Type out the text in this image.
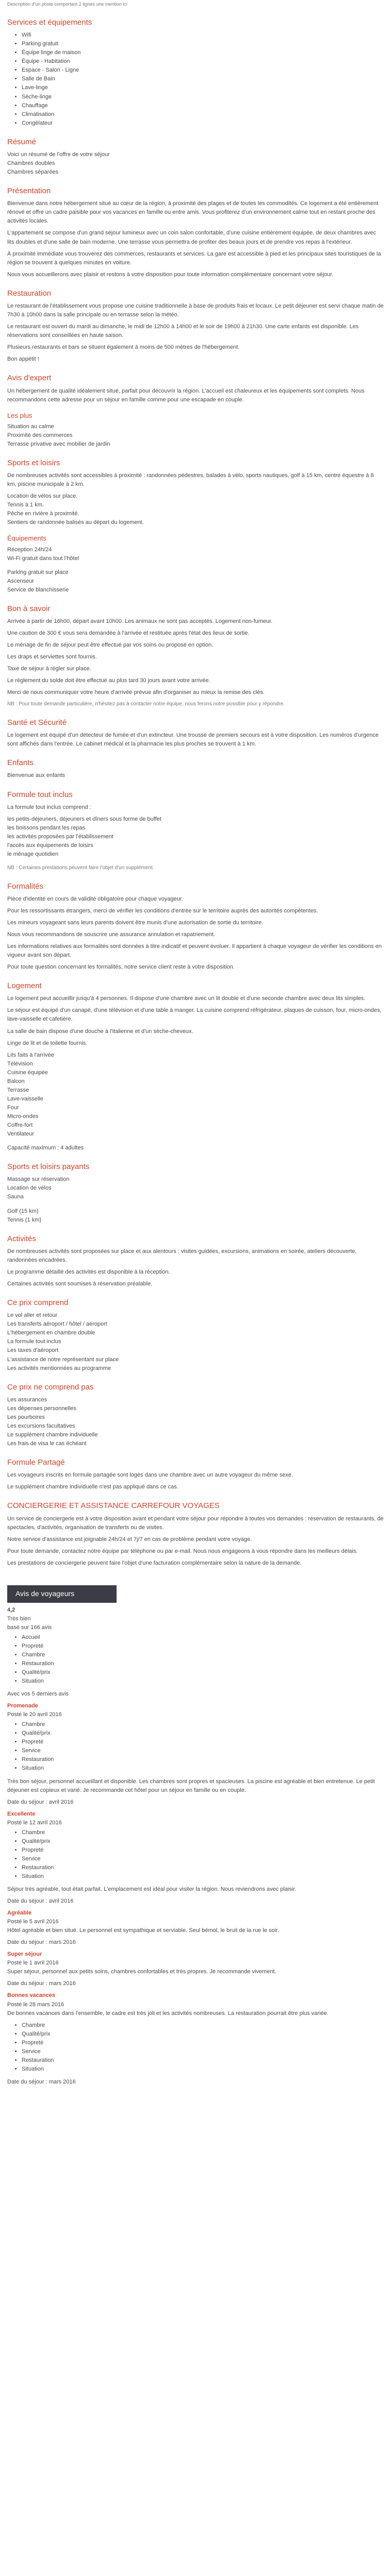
Description d'un poste comportant 2 lignes une mention ici

Services et équipements
• Wifi
• Parking gratuit
• Équipe linge de maison
• Équipe - Habitation
• Espace - Salon - Ligne
• Salle de Bain
• Lave-linge
• Sèche-linge
• Chauffage
• Climatisation
• Congélateur
Résumé

Voici un résumé de l'offre de votre séjour

Chambres doubles

Chambres séparées

Présentation

Bienvenue dans notre hébergement situé au cœur de la région, à proximité des plages et de toutes les commodités. Ce logement a été entièrement rénové et offre un cadre paisible pour vos vacances en famille ou entre amis. Vous profiterez d'un environnement calme tout en restant proche des activités locales.

L'appartement se compose d'un grand séjour lumineux avec un coin salon confortable, d'une cuisine entièrement équipée, de deux chambres avec lits doubles et d'une salle de bain moderne. Une terrasse vous permettra de profiter des beaux jours et de prendre vos repas à l'extérieur.

À proximité immédiate vous trouverez des commerces, restaurants et services. La gare est accessible à pied et les principaux sites touristiques de la région se trouvent à quelques minutes en voiture.

Nous vous accueillerons avec plaisir et restons à votre disposition pour toute information complémentaire concernant votre séjour.

Restauration

Le restaurant de l'établissement vous propose une cuisine traditionnelle à base de produits frais et locaux. Le petit déjeuner est servi chaque matin de 7h30 à 10h00 dans la salle principale ou en terrasse selon la météo.

Le restaurant est ouvert du mardi au dimanche, le midi de 12h00 à 14h00 et le soir de 19h00 à 21h30. Une carte enfants est disponible. Les réservations sont conseillées en haute saison.

Plusieurs restaurants et bars se situent également à moins de 500 mètres de l'hébergement.

Bon appétit !

Avis d'expert

Un hébergement de qualité idéalement situé, parfait pour découvrir la région. L'accueil est chaleureux et les équipements sont complets. Nous recommandons cette adresse pour un séjour en famille comme pour une escapade en couple.

Les plus

Situation au calme

Proximité des commerces

Terrasse privative avec mobilier de jardin

Sports et loisirs

De nombreuses activités sont accessibles à proximité : randonnées pédestres, balades à vélo, sports nautiques, golf à 15 km, centre équestre à 8 km, piscine municipale à 2 km.

Location de vélos sur place.

Tennis à 1 km.

Pêche en rivière à proximité.

Sentiers de randonnée balisés au départ du logement.

Équipements

Réception 24h/24

Wi-Fi gratuit dans tout l'hôtel

Parking gratuit sur place

Ascenseur

Service de blanchisserie

Bon à savoir

Arrivée à partir de 16h00, départ avant 10h00. Les animaux ne sont pas acceptés. Logement non-fumeur.

Une caution de 300 € vous sera demandée à l'arrivée et restituée après l'état des lieux de sortie.

Le ménage de fin de séjour peut être effectué par vos soins ou proposé en option.

Les draps et serviettes sont fournis.

Taxe de séjour à régler sur place.

Le règlement du solde doit être effectué au plus tard 30 jours avant votre arrivée.

Merci de nous communiquer votre heure d'arrivée prévue afin d'organiser au mieux la remise des clés.

NB : Pour toute demande particulière, n'hésitez pas à contacter notre équipe, nous ferons notre possible pour y répondre.

Santé et Sécurité

Le logement est équipé d'un détecteur de fumée et d'un extincteur. Une trousse de premiers secours est à votre disposition. Les numéros d'urgence sont affichés dans l'entrée. Le cabinet médical et la pharmacie les plus proches se trouvent à 1 km.

Enfants

Bienvenue aux enfants

Formule tout inclus

La formule tout inclus comprend :

les petits-déjeuners, déjeuners et dîners sous forme de buffet

les boissons pendant les repas

les activités proposées par l'établissement

l'accès aux équipements de loisirs

le ménage quotidien

NB : Certaines prestations peuvent faire l'objet d'un supplément.

Formalités

Pièce d'identité en cours de validité obligatoire pour chaque voyageur.

Pour les ressortissants étrangers, merci de vérifier les conditions d'entrée sur le territoire auprès des autorités compétentes.

Les mineurs voyageant sans leurs parents doivent être munis d'une autorisation de sortie du territoire.

Nous vous recommandons de souscrire une assurance annulation et rapatriement.

Les informations relatives aux formalités sont données à titre indicatif et peuvent évoluer. Il appartient à chaque voyageur de vérifier les conditions en vigueur avant son départ.

Pour toute question concernant les formalités, notre service client reste à votre disposition.

Logement

Le logement peut accueillir jusqu'à 4 personnes. Il dispose d'une chambre avec un lit double et d'une seconde chambre avec deux lits simples.

Le séjour est équipé d'un canapé, d'une télévision et d'une table à manger. La cuisine comprend réfrigérateur, plaques de cuisson, four, micro-ondes, lave-vaisselle et cafetière.

La salle de bain dispose d'une douche à l'italienne et d'un sèche-cheveux.

Linge de lit et de toilette fournis.

Lits faits à l'arrivée

Télévision

Cuisine équipée

Balcon

Terrasse

Lave-vaisselle

Four

Micro-ondes

Coffre-fort

Ventilateur

Capacité maximum : 4 adultes

Sports et loisirs payants

Massage sur réservation

Location de vélos

Sauna

Golf (15 km)

Tennis (1 km)

Activités

De nombreuses activités sont proposées sur place et aux alentours : visites guidées, excursions, animations en soirée, ateliers découverte, randonnées encadrées.

Le programme détaillé des activités est disponible à la réception.

Certaines activités sont soumises à réservation préalable.

Ce prix comprend

Le vol aller et retour

Les transferts aéroport / hôtel / aéroport

L'hébergement en chambre double

La formule tout inclus

Les taxes d'aéroport

L'assistance de notre représentant sur place

Les activités mentionnées au programme

Ce prix ne comprend pas

Les assurances

Les dépenses personnelles

Les pourboires

Les excursions facultatives

Le supplément chambre individuelle

Les frais de visa le cas échéant

Formule Partagé

Les voyageurs inscrits en formule partagée sont logés dans une chambre avec un autre voyageur du même sexe.

Le supplément chambre individuelle n'est pas appliqué dans ce cas.

CONCIERGERIE ET ASSISTANCE CARREFOUR VOYAGES

Un service de conciergerie est à votre disposition avant et pendant votre séjour pour répondre à toutes vos demandes : réservation de restaurants, de spectacles, d'activités, organisation de transferts ou de visites.

Notre service d'assistance est joignable 24h/24 et 7j/7 en cas de problème pendant votre voyage.

Pour toute demande, contactez notre équipe par téléphone ou par e-mail. Nous nous engageons à vous répondre dans les meilleurs délais.

Les prestations de conciergerie peuvent faire l'objet d'une facturation complémentaire selon la nature de la demande.

Avis de voyageurs

4,2

Très bien

basé sur 166 avis

• Accueil
• Propreté
• Chambre
• Restauration
• Qualité/prix
• Situation

Avec vos 5 derniers avis

Promenade

Posté le 20 avril 2016

• Chambre
• Qualité/prix
• Propreté
• Service
• Restauration
• Situation

Très bon séjour, personnel accueillant et disponible. Les chambres sont propres et spacieuses. La piscine est agréable et bien entretenue. Le petit déjeuner est copieux et varié. Je recommande cet hôtel pour un séjour en famille ou en couple.

Date du séjour : avril 2016

Excellente

Posté le 12 avril 2016

• Chambre
• Qualité/prix
• Propreté
• Service
• Restauration
• Situation

Séjour très agréable, tout était parfait. L'emplacement est idéal pour visiter la région. Nous reviendrons avec plaisir.

Date du séjour : avril 2016

Agréable

Posté le 5 avril 2016

Hôtel agréable et bien situé. Le personnel est sympathique et serviable. Seul bémol, le bruit de la rue le soir.

Date du séjour : mars 2016

Super séjour

Posté le 1 avril 2016

Super séjour, personnel aux petits soins, chambres confortables et très propres. Je recommande vivement.

Date du séjour : mars 2016

Bonnes vacances

Posté le 28 mars 2016

De bonnes vacances dans l'ensemble, le cadre est très joli et les activités nombreuses. La restauration pourrait être plus variée.

• Chambre
• Qualité/prix
• Propreté
• Service
• Restauration
• Situation

Date du séjour : mars 2016
